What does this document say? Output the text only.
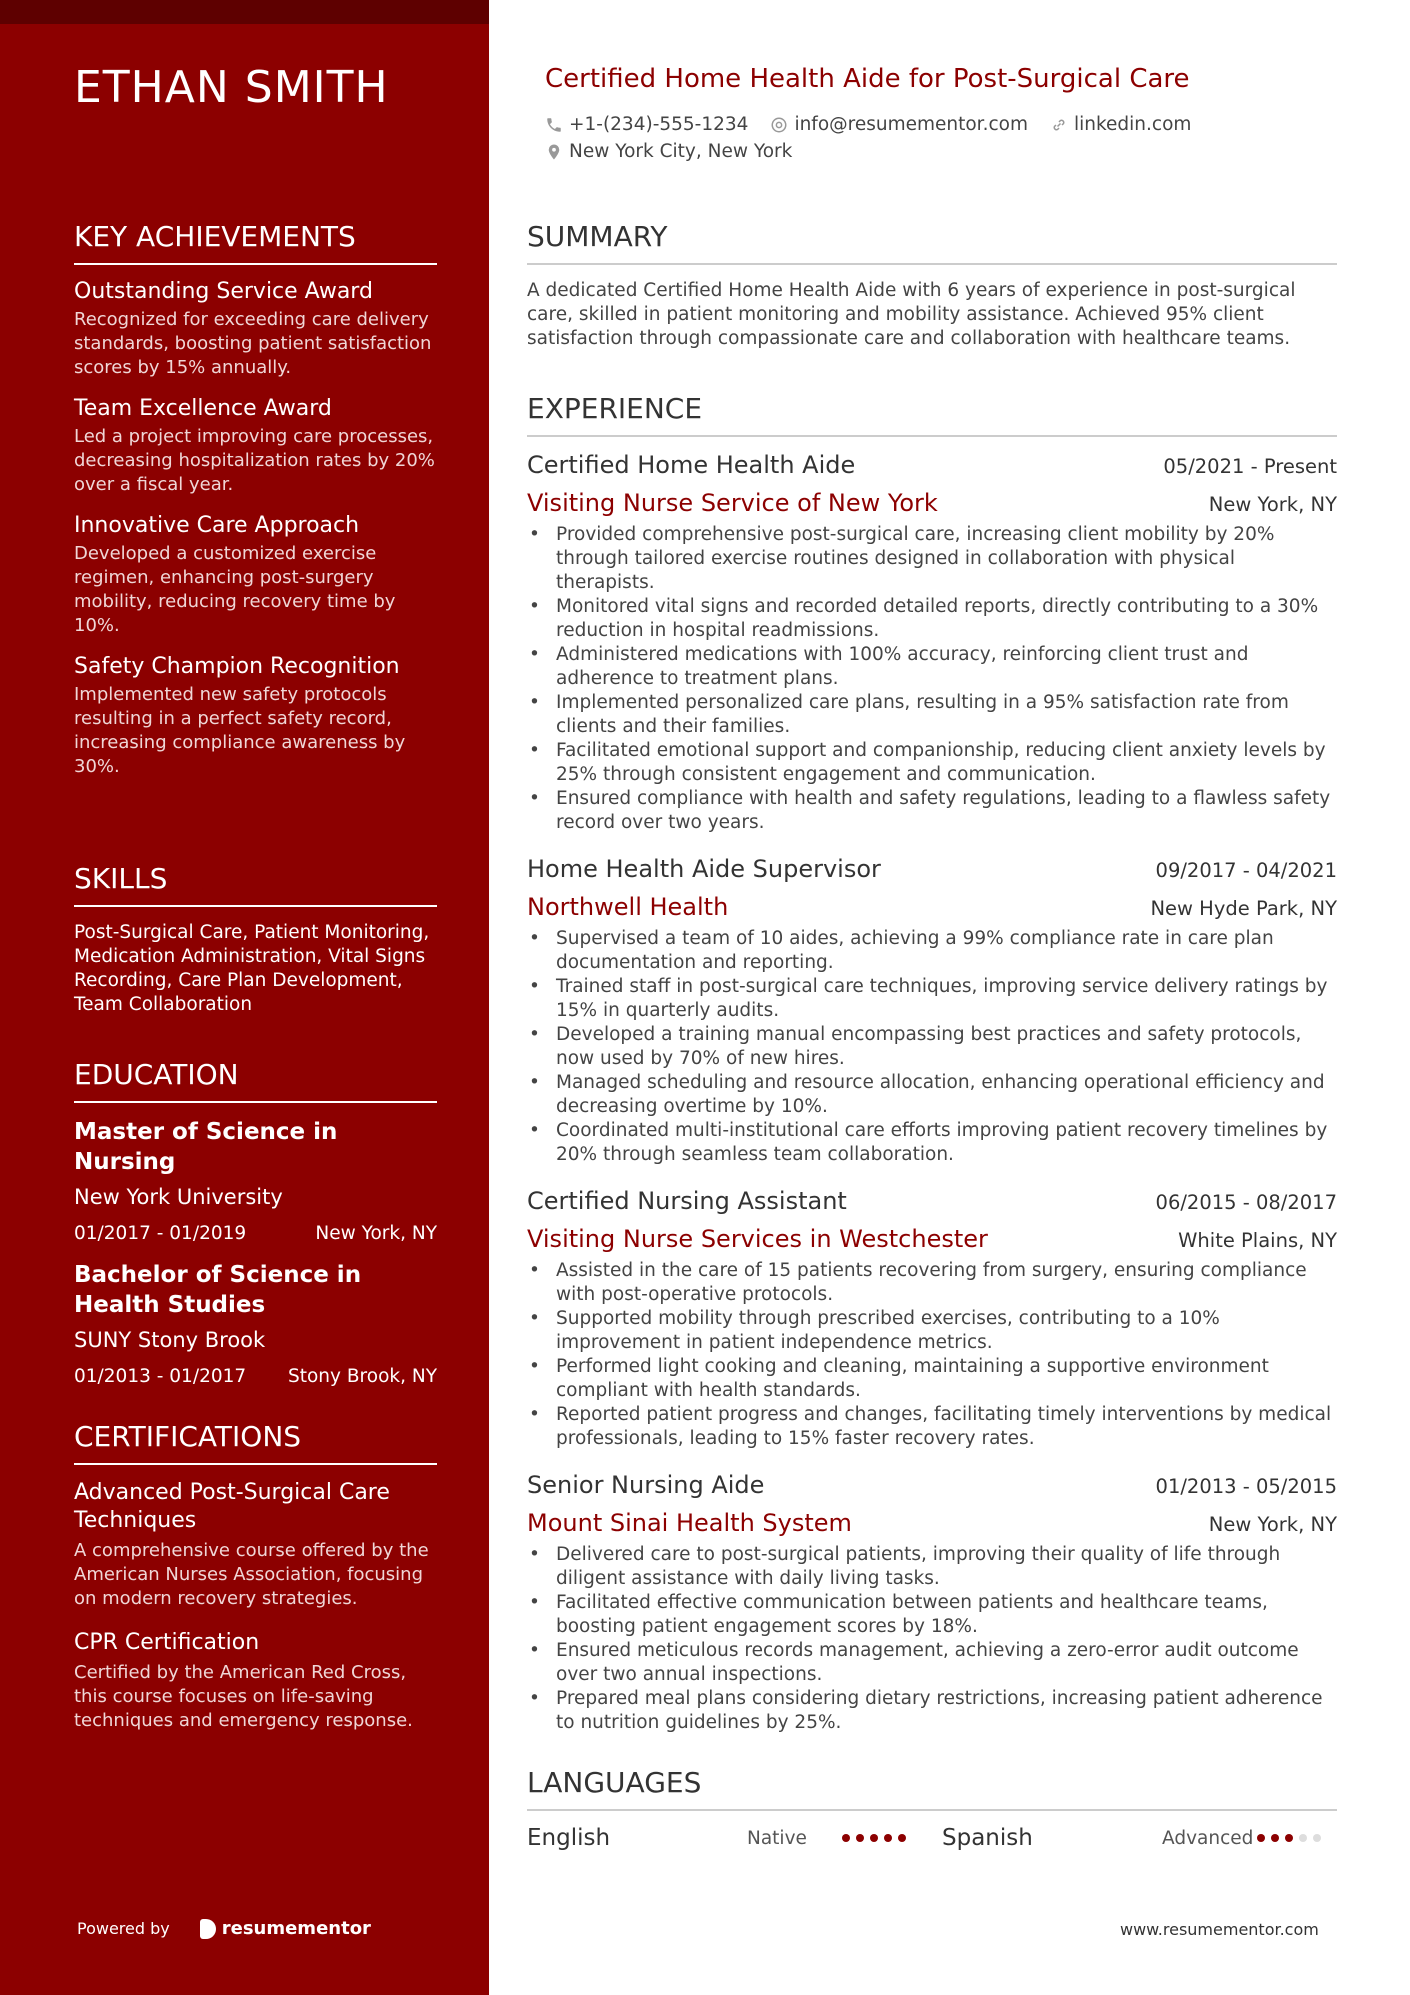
ETHAN SMITH
KEY ACHIEVEMENTS
Outstanding Service Award
Recognized for exceeding care delivery standards, boosting patient satisfaction scores by 15% annually.
Team Excellence Award
Led a project improving care processes, decreasing hospitalization rates by 20% over a fiscal year.
Innovative Care Approach
Developed a customized exercise regimen, enhancing post-surgery mobility, reducing recovery time by 10%.
Safety Champion Recognition
Implemented new safety protocols resulting in a perfect safety record, increasing compliance awareness by 30%.
SKILLS
Post-Surgical Care, Patient Monitoring, Medication Administration, Vital Signs Recording, Care Plan Development, Team Collaboration
EDUCATION
Master of Science in Nursing
New York University
01/2017 - 01/2019	New York, NY
Bachelor of Science in Health Studies
SUNY Stony Brook
01/2013 - 01/2017 Stony Brook, NY
CERTIFICATIONS
Advanced Post-Surgical Care Techniques
A comprehensive course offered by the American Nurses Association, focusing on modern recovery strategies.
CPR Certification
Certified by the American Red Cross, this course focuses on life-saving techniques and emergency response.
Powered by	resumementor
Certified Home Health Aide for Post-Surgical Care
+1-(234)-555-1234 info@resumementor.com linkedin.com
New York City, New York
SUMMARY
A dedicated Certified Home Health Aide with 6 years of experience in post-surgical care, skilled in patient monitoring and mobility assistance. Achieved 95% client satisfaction through compassionate care and collaboration with healthcare teams.
EXPERIENCE
Certified Home Health Aide	05/2021 - Present
Visiting Nurse Service of New York	New York, NY
• Provided comprehensive post-surgical care, increasing client mobility by 20% through tailored exercise routines designed in collaboration with physical therapists.
• Monitored vital signs and recorded detailed reports, directly contributing to a 30% reduction in hospital readmissions.
• Administered medications with 100% accuracy, reinforcing client trust and adherence to treatment plans.
• Implemented personalized care plans, resulting in a 95% satisfaction rate from clients and their families.
• Facilitated emotional support and companionship, reducing client anxiety levels by 25% through consistent engagement and communication.
• Ensured compliance with health and safety regulations, leading to a flawless safety record over two years.
Home Health Aide Supervisor	09/2017 - 04/2021
Northwell Health	New Hyde Park, NY
• Supervised a team of 10 aides, achieving a 99% compliance rate in care plan documentation and reporting.
• Trained staff in post-surgical care techniques, improving service delivery ratings by 15% in quarterly audits.
• Developed a training manual encompassing best practices and safety protocols, now used by 70% of new hires.
• Managed scheduling and resource allocation, enhancing operational efficiency and decreasing overtime by 10%.
• Coordinated multi-institutional care efforts improving patient recovery timelines by 20% through seamless team collaboration.
Certified Nursing Assistant	06/2015 - 08/2017
Visiting Nurse Services in Westchester	White Plains, NY
• Assisted in the care of 15 patients recovering from surgery, ensuring compliance with post-operative protocols.
• Supported mobility through prescribed exercises, contributing to a 10% improvement in patient independence metrics.
• Performed light cooking and cleaning, maintaining a supportive environment compliant with health standards.
• Reported patient progress and changes, facilitating timely interventions by medical professionals, leading to 15% faster recovery rates.
Senior Nursing Aide	01/2013 - 05/2015
Mount Sinai Health System	New York, NY
• Delivered care to post-surgical patients, improving their quality of life through diligent assistance with daily living tasks.
• Facilitated effective communication between patients and healthcare teams, boosting patient engagement scores by 18%.
• Ensured meticulous records management, achieving a zero-error audit outcome over two annual inspections.
• Prepared meal plans considering dietary restrictions, increasing patient adherence to nutrition guidelines by 25%.
LANGUAGES
English	Native	Spanish	Advanced
www.resumementor.com
